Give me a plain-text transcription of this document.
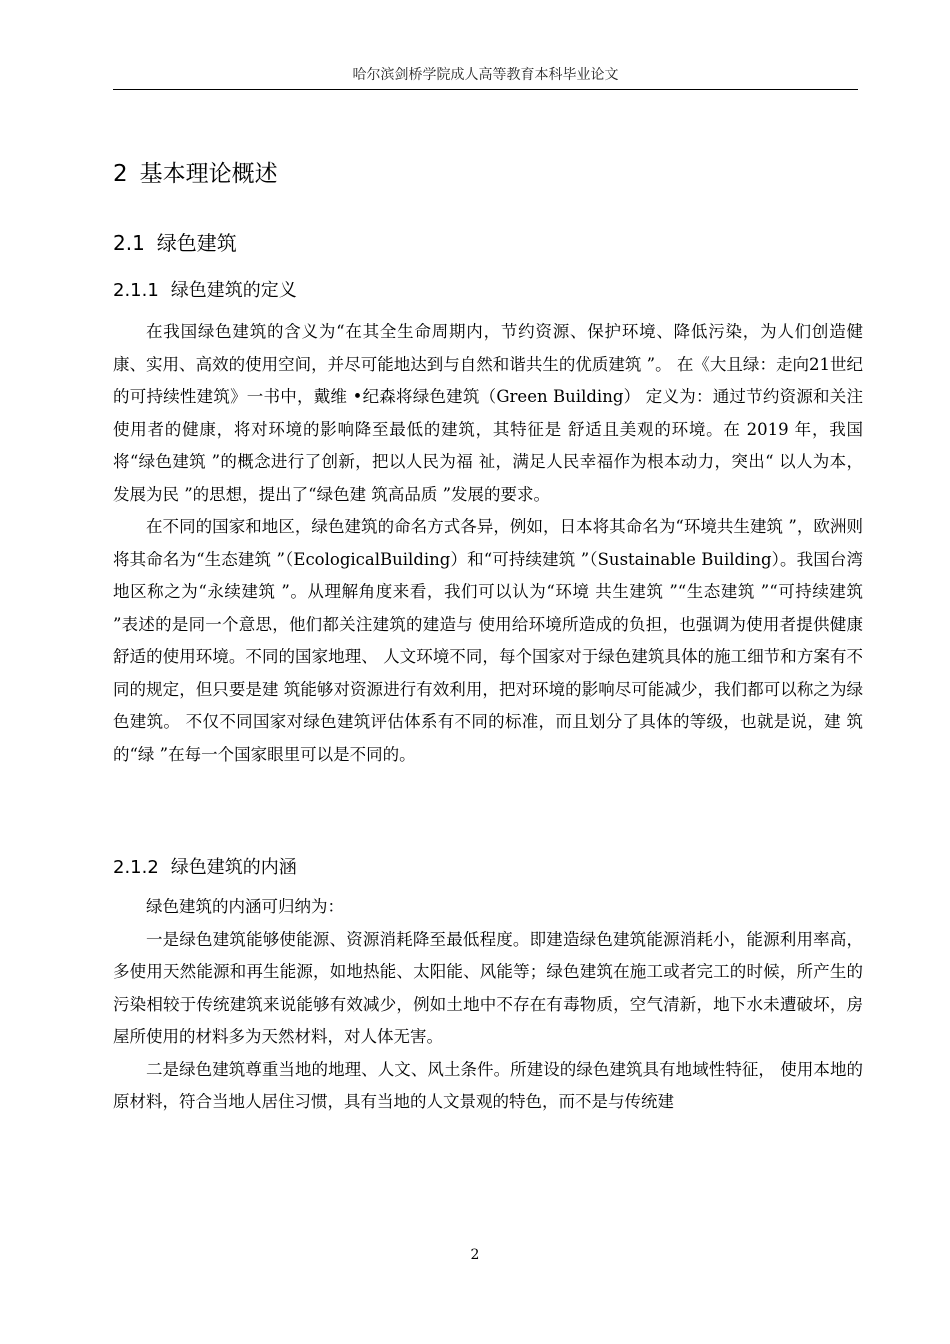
哈尔滨剑桥学院成人高等教育本科毕业论文
2 基本理论概述
2.1 绿色建筑
2.1.1 绿色建筑的定义

在我国绿色建筑的含义为“在其全生命周期内，节约资源、保护环境、降低污染，为人们创造健康、实用、高效的使用空间，并尽可能地达到与自然和谐共生的优质建筑 ”。 在《大且绿：走向21世纪的可持续性建筑》一书中，戴维 •纪森将绿色建筑（Green Building） 定义为：通过节约资源和关注使用者的健康，将对环境的影响降至最低的建筑，其特征是 舒适且美观的环境。在 2019 年，我国将“绿色建筑 ”的概念进行了创新，把以人民为福 祉，满足人民幸福作为根本动力，突出“ 以人为本，发展为民 ”的思想，提出了“绿色建 筑高品质 ”发展的要求。

在不同的国家和地区，绿色建筑的命名方式各异，例如，日本将其命名为“环境共生建筑 ”，欧洲则将其命名为“生态建筑 ”（EcologicalBuilding）和“可持续建筑 ”（Sustainable Building）。我国台湾地区称之为“永续建筑 ”。从理解角度来看，我们可以认为“环境 共生建筑 ”“生态建筑 ”“可持续建筑 ”表述的是同一个意思，他们都关注建筑的建造与 使用给环境所造成的负担，也强调为使用者提供健康舒适的使用环境。不同的国家地理、 人文环境不同，每个国家对于绿色建筑具体的施工细节和方案有不同的规定，但只要是建 筑能够对资源进行有效利用，把对环境的影响尽可能减少，我们都可以称之为绿色建筑。 不仅不同国家对绿色建筑评估体系有不同的标准，而且划分了具体的等级，也就是说，建 筑的“绿 ”在每一个国家眼里可以是不同的。

2.1.2 绿色建筑的内涵

绿色建筑的内涵可归纳为：

一是绿色建筑能够使能源、资源消耗降至最低程度。即建造绿色建筑能源消耗小，能源利用率高，多使用天然能源和再生能源，如地热能、太阳能、风能等；绿色建筑在施工或者完工的时候，所产生的污染相较于传统建筑来说能够有效减少，例如土地中不存在有毒物质，空气清新，地下水未遭破坏，房屋所使用的材料多为天然材料，对人体无害。

二是绿色建筑尊重当地的地理、人文、风土条件。所建设的绿色建筑具有地域性特征， 使用本地的原材料，符合当地人居住习惯，具有当地的人文景观的特色，而不是与传统建

2
